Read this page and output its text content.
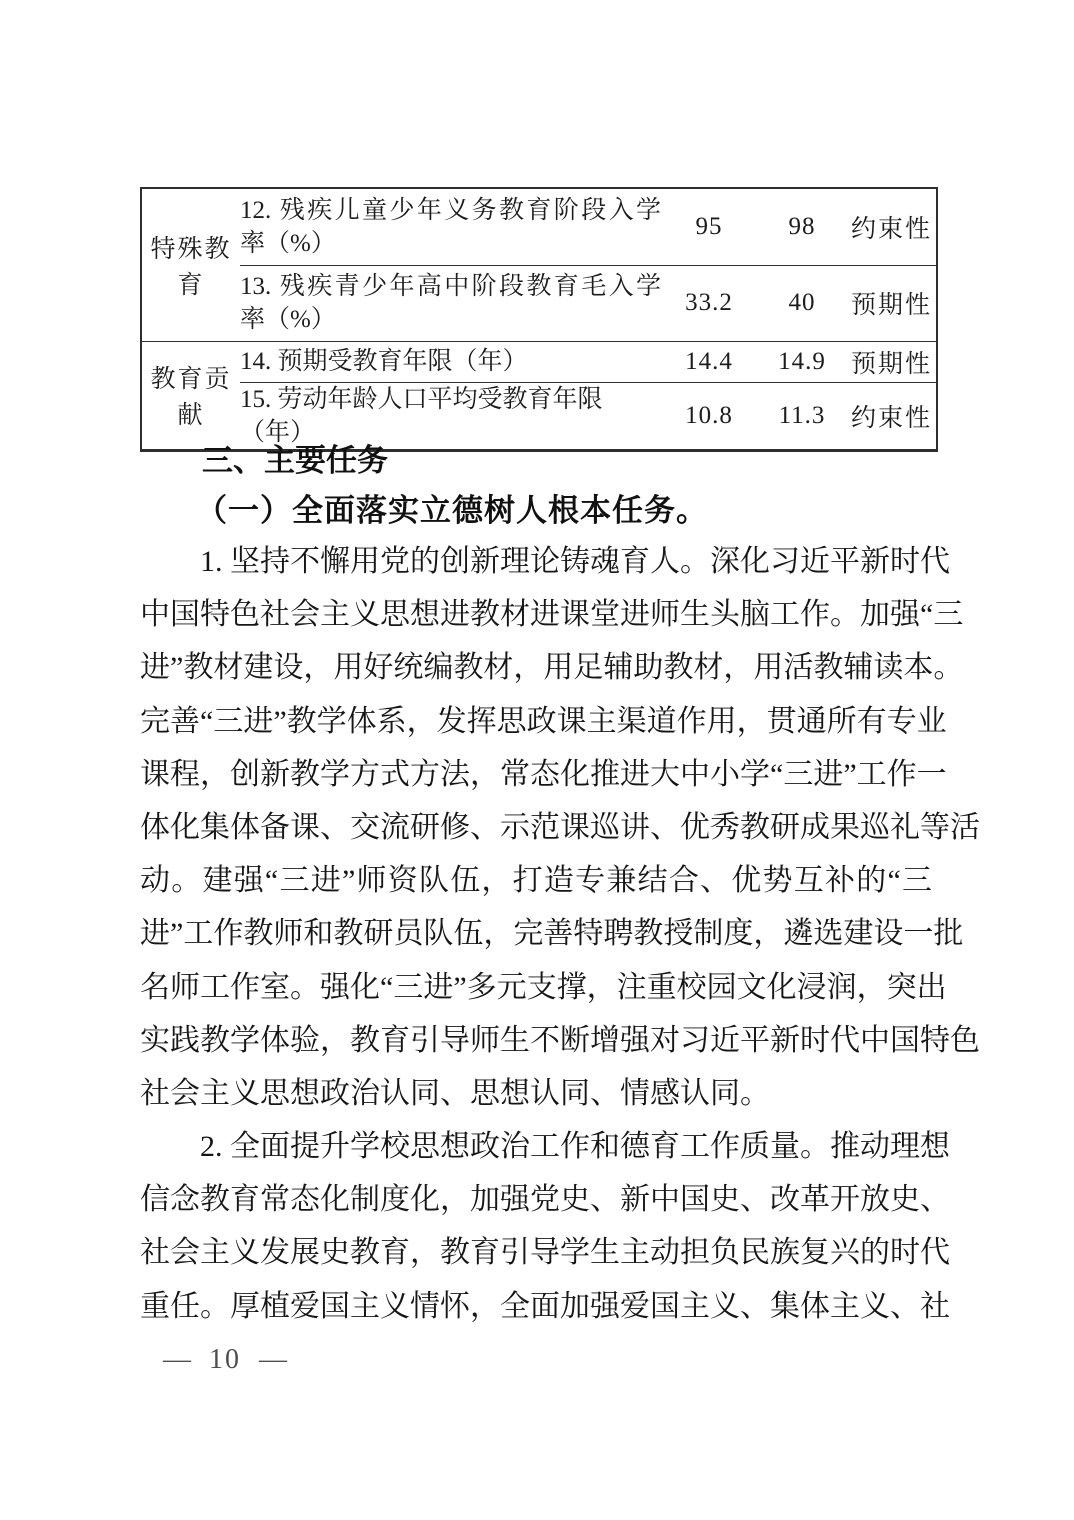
特殊教育	12. 残疾儿童少年义务教育阶段入学
率（%）	95	98	约束性

	13. 残疾青少年高中阶段教育毛入学
率（%）	33.2	40	预期性
教育贡献	14. 预期受教育年限（年）	14.4	14.9	预期性
	15. 劳动年龄人口平均受教育年限（年）	10.8	11.3	约束性
三、主要任务
（一）全面落实立德树人根本任务。
1. 坚持不懈用党的创新理论铸魂育人。深化习近平新时代
中国特色社会主义思想进教材进课堂进师生头脑工作。加强“三
进”教材建设，用好统编教材，用足辅助教材，用活教辅读本。
完善“三进”教学体系，发挥思政课主渠道作用，贯通所有专业
课程，创新教学方式方法，常态化推进大中小学“三进”工作一
体化集体备课、交流研修、示范课巡讲、优秀教研成果巡礼等活
动。建强“三进”师资队伍，打造专兼结合、优势互补的“三
进”工作教师和教研员队伍，完善特聘教授制度，遴选建设一批
名师工作室。强化“三进”多元支撑，注重校园文化浸润，突出
实践教学体验，教育引导师生不断增强对习近平新时代中国特色
社会主义思想政治认同、思想认同、情感认同。
2. 全面提升学校思想政治工作和德育工作质量。推动理想
信念教育常态化制度化，加强党史、新中国史、改革开放史、
社会主义发展史教育，教育引导学生主动担负民族复兴的时代
重任。厚植爱国主义情怀，全面加强爱国主义、集体主义、社
— 10 —
